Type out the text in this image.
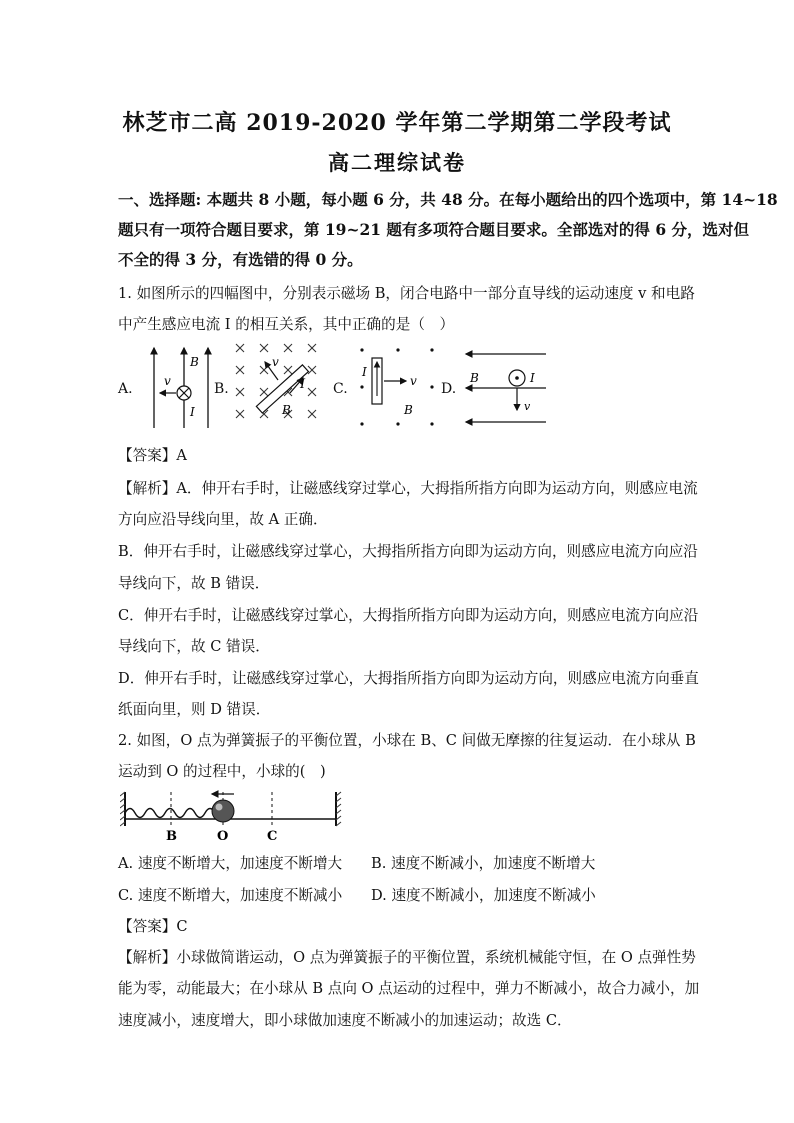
林芝市二高 2019-2020 学年第二学期第二学段考试
高二理综试卷
一、选择题: 本题共 8 小题，每小题 6 分，共 48 分。在每小题给出的四个选项中，第 14~18
题只有一项符合题目要求，第 19~21 题有多项符合题目要求。全部选对的得 6 分，选对但
不全的得 3 分，有选错的得 0 分。
1. 如图所示的四幅图中，分别表示磁场 B，闭合电路中一部分直导线的运动速度 v 和电路
中产生感应电流 I 的相互关系，其中正确的是（　）
A.	B.	C.	D.
v
B
I
v
I
B
I
v
B
B	I
v
【答案】A
【解析】A．伸开右手时，让磁感线穿过掌心，大拇指所指方向即为运动方向，则感应电流
方向应沿导线向里，故 A 正确．
B．伸开右手时，让磁感线穿过掌心，大拇指所指方向即为运动方向，则感应电流方向应沿
导线向下，故 B 错误．
C．伸开右手时，让磁感线穿过掌心，大拇指所指方向即为运动方向，则感应电流方向应沿
导线向下，故 C 错误．
D．伸开右手时，让磁感线穿过掌心，大拇指所指方向即为运动方向，则感应电流方向垂直
纸面向里，则 D 错误．
2. 如图，O 点为弹簧振子的平衡位置，小球在 B、C 间做无摩擦的往复运动．在小球从 B
运动到 O 的过程中，小球的(　)
B	O	C
A. 速度不断增大，加速度不断增大 B. 速度不断减小，加速度不断增大
C. 速度不断增大，加速度不断减小 D. 速度不断减小，加速度不断减小
【答案】C
【解析】小球做简谐运动，O 点为弹簧振子的平衡位置，系统机械能守恒，在 O 点弹性势
能为零，动能最大；在小球从 B 点向 O 点运动的过程中，弹力不断减小，故合力减小，加
速度减小，速度增大，即小球做加速度不断减小的加速运动；故选 C．
